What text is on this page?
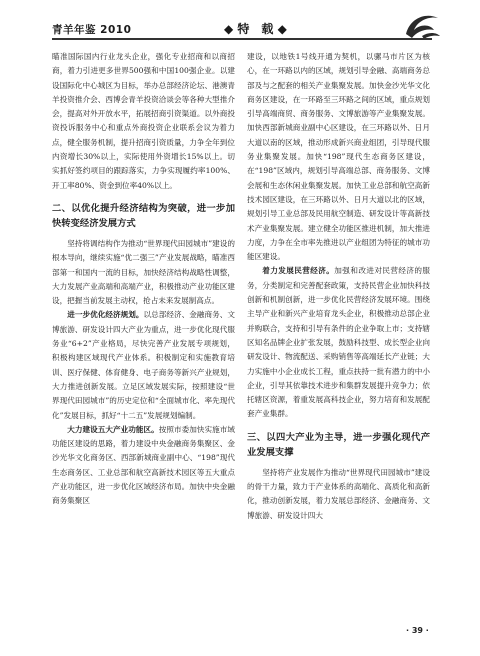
青羊年鉴 2010	◆ 特　载 ◆

瞄准国际国内行业龙头企业，强化专业招商和以商招商，着力引进更多世界500强和中国100强企业。以建设国际化中心城区为目标，举办总部经济论坛、港澳青羊投资推介会、西博会青羊投资洽谈会等各种大型推介会，提高对外开放水平，拓展招商引资渠道。以外商投资投诉服务中心和重点外商投资企业联系会议为着力点，健全服务机制，提升招商引资质量，力争全年到位内资增长30%以上，实际使用外资增长15%以上。切实抓好签约项目的跟踪落实，力争实现履约率100%、开工率80%、资金到位率40%以上。

二、以优化提升经济结构为突破，进一步加快转变经济发展方式

坚持将调结构作为推动“世界现代田园城市”建设的根本导向，继续实施“优二强三”产业发展战略，瞄准西部第一和国内一流的目标，加快经济结构战略性调整，大力发展产业高端和高端产业，积极推动产业功能区建设，把握当前发展主动权，抢占未来发展制高点。

进一步优化经济规划。以总部经济、金融商务、文博旅游、研发设计四大产业为重点，进一步优化现代服务业“6+2”产业格局，尽快完善产业发展专项规划，积极构建区域现代产业体系。积极制定和实施教育培训、医疗保健、体育健身、电子商务等新兴产业规划，大力推进创新发展。立足区域发展实际，按照建设“世界现代田园城市”的历史定位和“全面城市化、率先现代化”发展目标，抓好“十二五”发展规划编制。

大力建设五大产业功能区。按照市委加快实施市域功能区建设的思路，着力建设中央金融商务集聚区、金沙光华文化商务区、西部新城商业副中心、“198”现代生态商务区、工业总部和航空高新技术园区等五大重点产业功能区，进一步优化区域经济布局。加快中央金融商务集聚区

建设，以地铁1号线开通为契机，以骡马市片区为核心，在一环路以内的区域，规划引导金融、高端商务总部及与之配套的相关产业集聚发展。加快金沙光华文化商务区建设，在一环路至三环路之间的区域，重点规划引导高端商贸、商务服务、文博旅游等产业集聚发展。加快西部新城商业副中心区建设，在三环路以外、日月大道以南的区域，推动形成新兴商业组团，引导现代服务业集聚发展。加快“198”现代生态商务区建设，在“198”区域内，规划引导高端总部、商务服务、文博会展和生态休闲业集聚发展。加快工业总部和航空高新技术园区建设，在三环路以外、日月大道以北的区域，规划引导工业总部及民用航空制造、研发设计等高新技术产业集聚发展。建立健全功能区推进机制，加大推进力度，力争在全市率先推进以产业组团为特征的城市功能区建设。

着力发展民营经济。加强和改进对民营经济的服务，分类制定和完善配套政策，支持民营企业加快科技创新和机制创新，进一步优化民营经济发展环境。围绕主导产业和新兴产业培育龙头企业，积极推动总部企业并购联合，支持和引导有条件的企业争取上市；支持辖区知名品牌企业扩张发展，鼓励科技型、成长型企业向研发设计、物流配送、采购销售等高端延长产业链；大力实施中小企业成长工程，重点扶持一批有潜力的中小企业，引导其依靠技术进步和集群发展提升竞争力；依托辖区资源，着重发展高科技企业，努力培育和发展配套产业集群。

三、以四大产业为主导，进一步强化现代产业发展支撑

坚持将产业发展作为推动“世界现代田园城市”建设的骨干力量，致力于产业体系的高端化、高质化和高新化，推动创新发展，着力发展总部经济、金融商务、文博旅游、研发设计四大

· 39 ·
